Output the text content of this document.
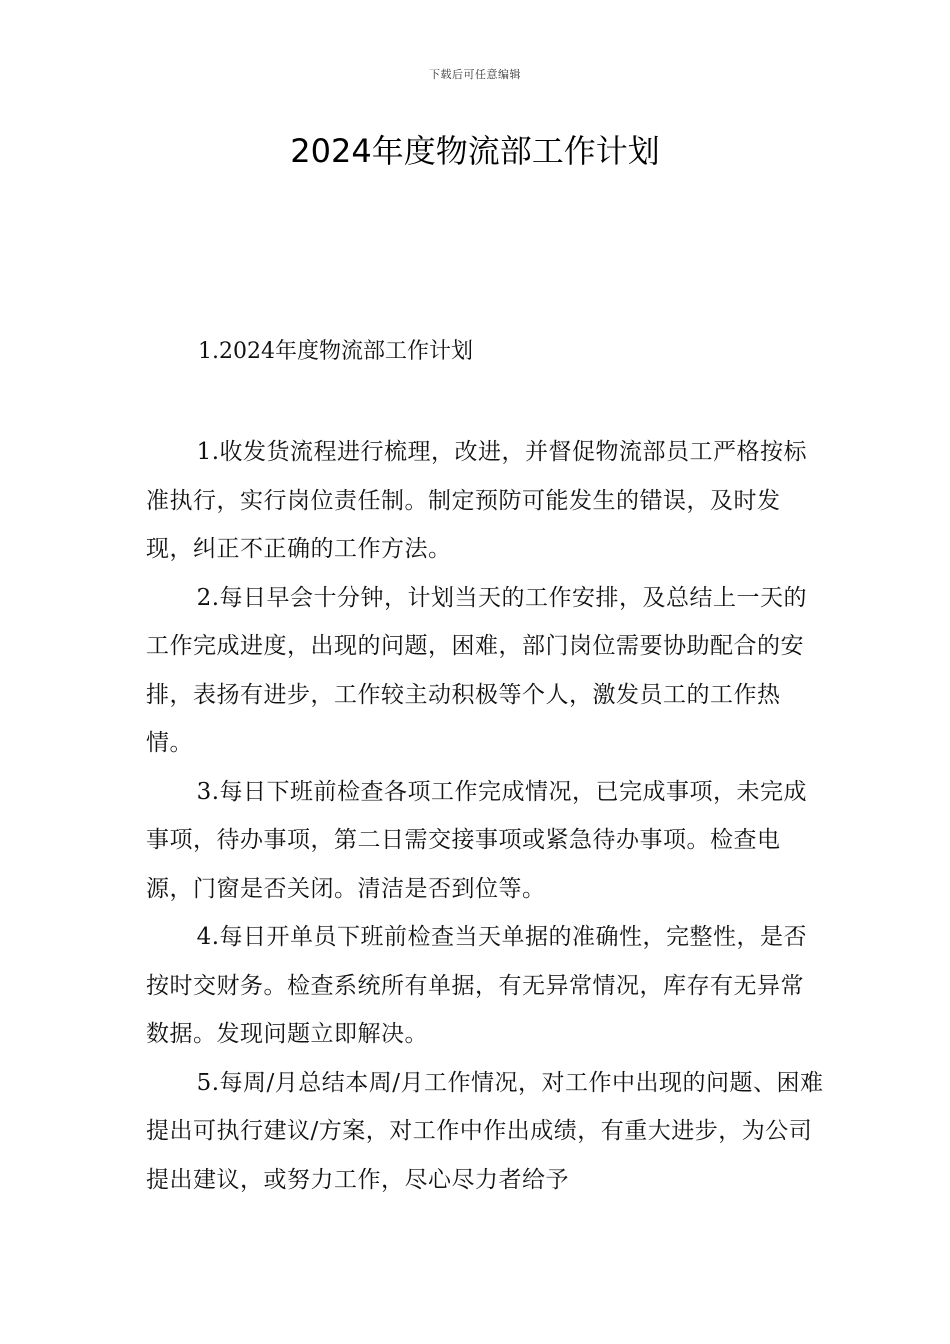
下载后可任意编辑
2024年度物流部工作计划
1.2024年度物流部工作计划

1.收发货流程进行梳理，改进，并督促物流部员工严格按标准执行，实行岗位责任制。制定预防可能发生的错误，及时发现，纠正不正确的工作方法。

2.每日早会十分钟，计划当天的工作安排，及总结上一天的工作完成进度，出现的问题，困难，部门岗位需要协助配合的安排，表扬有进步，工作较主动积极等个人，激发员工的工作热情。

3.每日下班前检查各项工作完成情况，已完成事项，未完成事项，待办事项，第二日需交接事项或紧急待办事项。检查电源，门窗是否关闭。清洁是否到位等。

4.每日开单员下班前检查当天单据的准确性，完整性，是否按时交财务。检查系统所有单据，有无异常情况，库存有无异常数据。发现问题立即解决。

5.每周/月总结本周/月工作情况，对工作中出现的问题、困难提出可执行建议/方案，对工作中作出成绩，有重大进步，为公司提出建议，或努力工作，尽心尽力者给予
